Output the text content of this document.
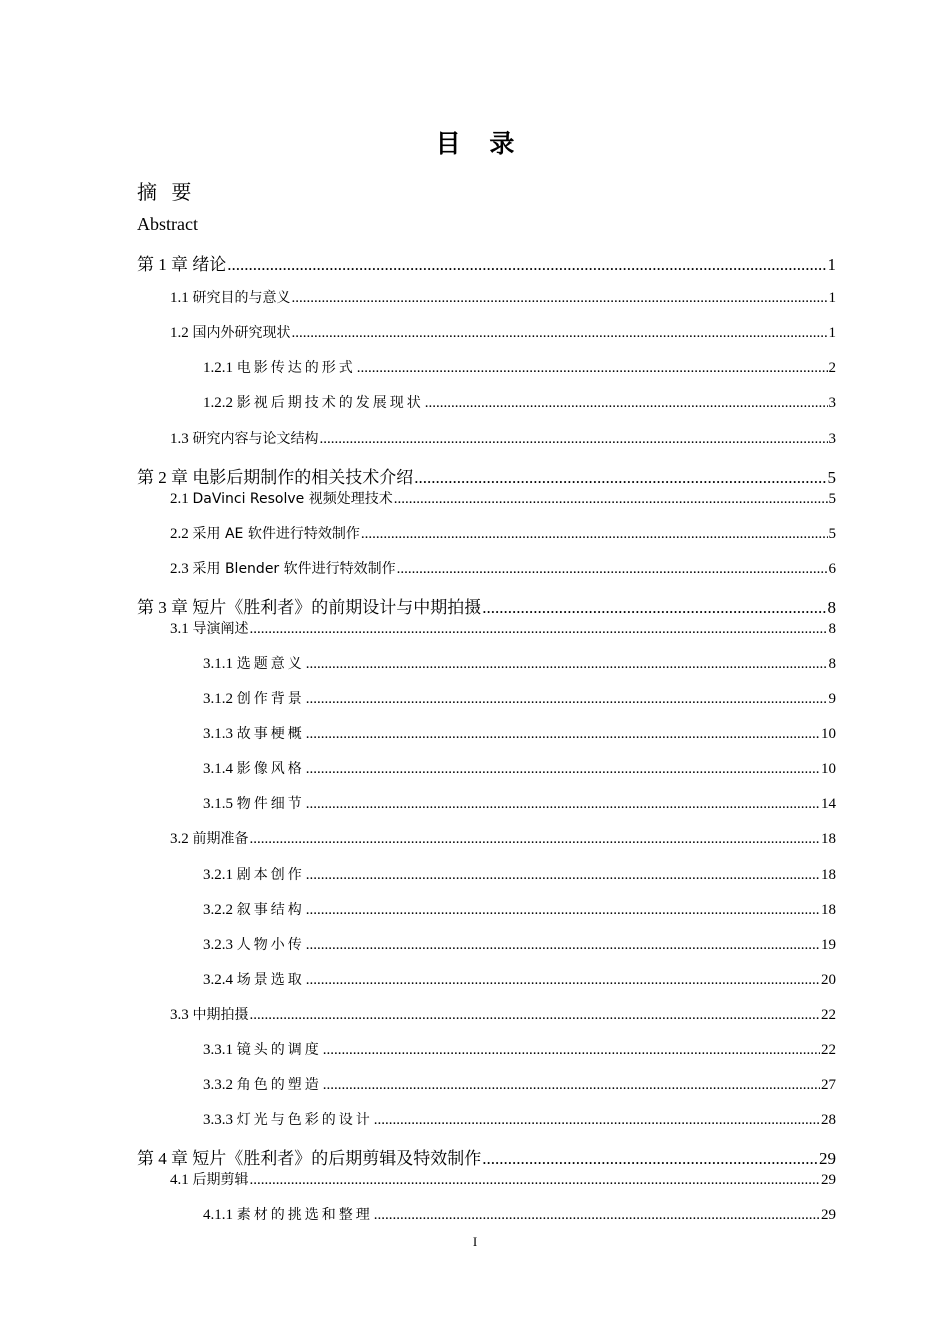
目 录
摘 要
Abstract
第 1 章 绪论 .....	1
1.1 研究目的与意义 .....	1
1.2 国内外研究现状 .....	1
1.2.1 电影传达的形式 .....	2
1.2.2 影视后期技术的发展现状 .....	3
1.3 研究内容与论文结构 .....	3
第 2 章 电影后期制作的相关技术介绍 .....	5
2.1 DaVinci Resolve 视频处理技术 .....	5
2.2 采用 AE 软件进行特效制作 .....	5
2.3 采用 Blender 软件进行特效制作 .....	6
第 3 章 短片《胜利者》的前期设计与中期拍摄 .....	8
3.1 导演阐述 .....	8
3.1.1 选题意义 .....	8
3.1.2 创作背景 .....	9
3.1.3 故事梗概 .....	10
3.1.4 影像风格 .....	10
3.1.5 物件细节 .....	14
3.2 前期准备 .....	18
3.2.1 剧本创作 .....	18
3.2.2 叙事结构 .....	18
3.2.3 人物小传 .....	19
3.2.4 场景选取 .....	20
3.3 中期拍摄 .....	22
3.3.1 镜头的调度 .....	22
3.3.2 角色的塑造 .....	27
3.3.3 灯光与色彩的设计 .....	28
第 4 章 短片《胜利者》的后期剪辑及特效制作 .....	29
4.1 后期剪辑 .....	29
4.1.1 素材的挑选和整理 .....	29
I
